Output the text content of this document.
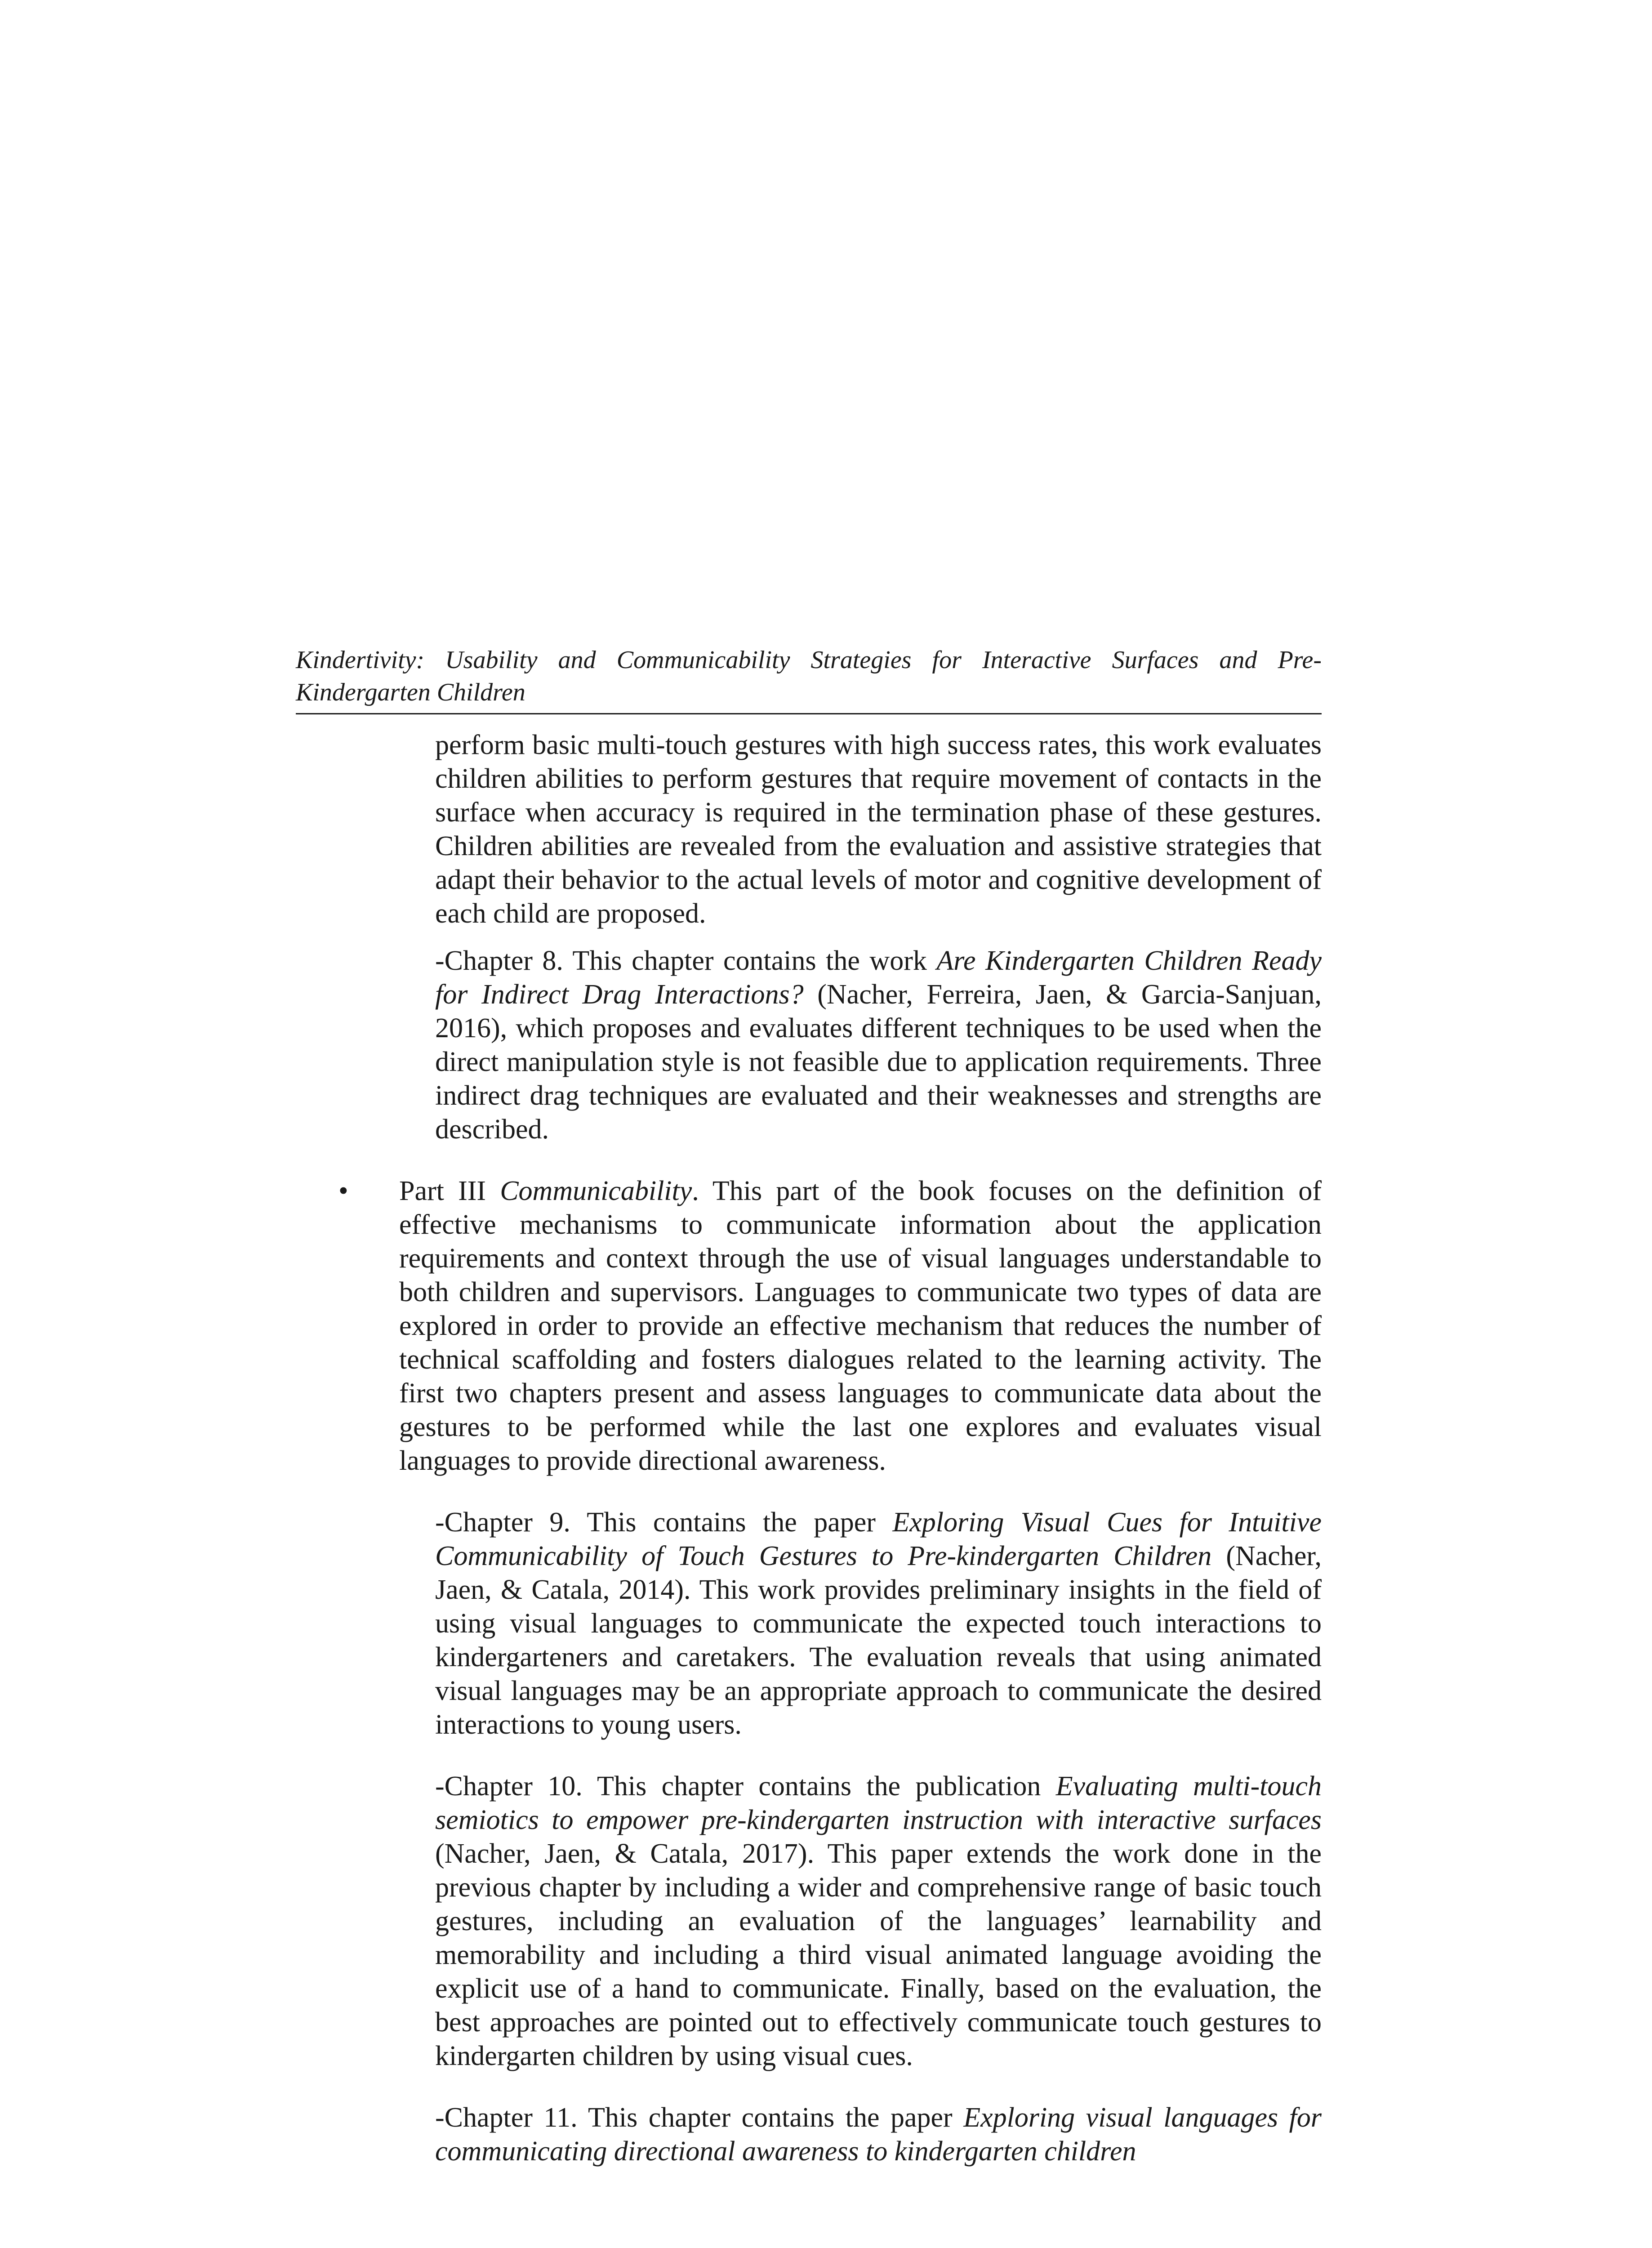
Kindertivity: Usability and Communicability Strategies for Interactive Surfaces and Pre-Kindergarten Children

perform basic multi-touch gestures with high success rates, this work evaluates children abilities to perform gestures that require movement of contacts in the surface when accuracy is required in the termination phase of these gestures. Children abilities are revealed from the evaluation and assistive strategies that adapt their behavior to the actual levels of motor and cognitive development of each child are proposed.

-Chapter 8. This chapter contains the work Are Kindergarten Children Ready for Indirect Drag Interactions? (Nacher, Ferreira, Jaen, & Garcia-Sanjuan, 2016), which proposes and evaluates different techniques to be used when the direct manipulation style is not feasible due to application requirements. Three indirect drag techniques are evaluated and their weaknesses and strengths are described.

• Part III Communicability. This part of the book focuses on the definition of effective mechanisms to communicate information about the application requirements and context through the use of visual languages understandable to both children and supervisors. Languages to communicate two types of data are explored in order to provide an effective mechanism that reduces the number of technical scaffolding and fosters dialogues related to the learning activity. The first two chapters present and assess languages to communicate data about the gestures to be performed while the last one explores and evaluates visual languages to provide directional awareness.

-Chapter 9. This contains the paper Exploring Visual Cues for Intuitive Communicability of Touch Gestures to Pre-kindergarten Children (Nacher, Jaen, & Catala, 2014). This work provides preliminary insights in the field of using visual languages to communicate the expected touch interactions to kindergarteners and caretakers. The evaluation reveals that using animated visual languages may be an appropriate approach to communicate the desired interactions to young users.

-Chapter 10. This chapter contains the publication Evaluating multi-touch semiotics to empower pre-kindergarten instruction with interactive surfaces (Nacher, Jaen, & Catala, 2017). This paper extends the work done in the previous chapter by including a wider and comprehensive range of basic touch gestures, including an evaluation of the languages’ learnability and memorability and including a third visual animated language avoiding the explicit use of a hand to communicate. Finally, based on the evaluation, the best approaches are pointed out to effectively communicate touch gestures to kindergarten children by using visual cues.

-Chapter 11. This chapter contains the paper Exploring visual languages for communicating directional awareness to kindergarten children
